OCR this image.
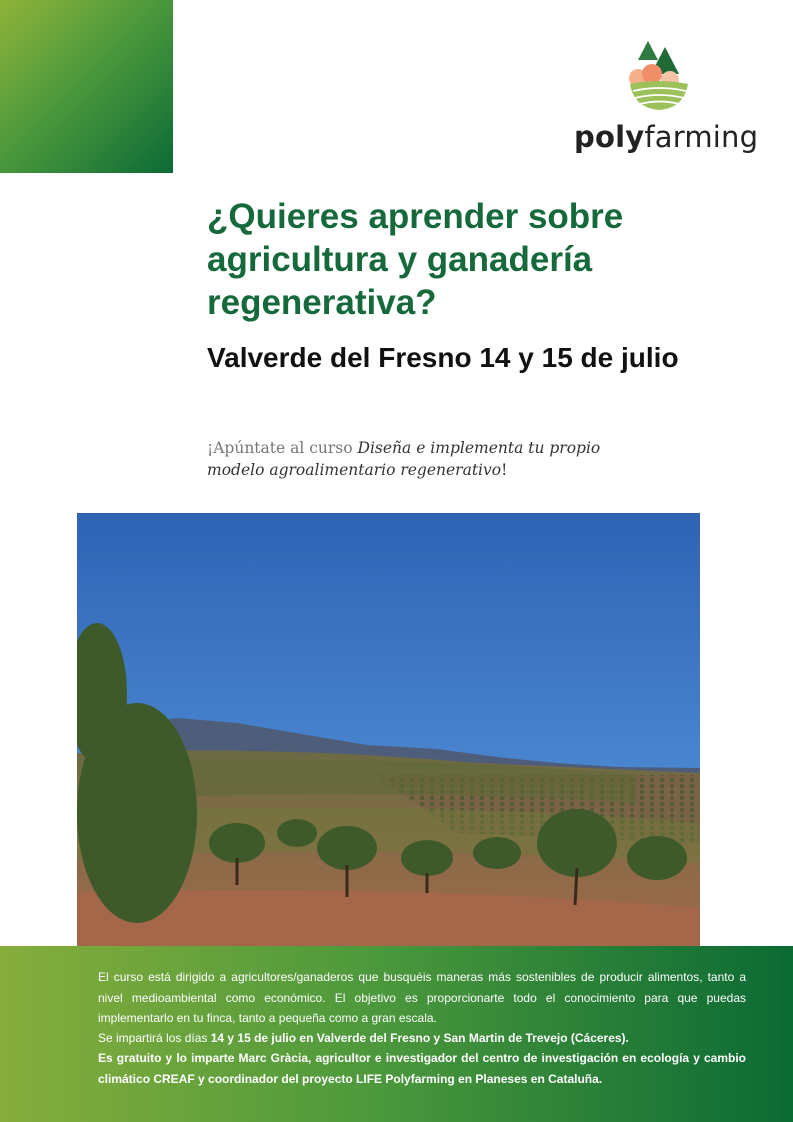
polyfarming
¿Quieres aprender sobre agricultura y ganadería regenerativa?
Valverde del Fresno 14 y 15 de julio

¡Apúntate al curso Diseña e implementa tu propio modelo agroalimentario regenerativo!

El curso está dirigido a agricultores/ganaderos que busquéis maneras más sostenibles de producir alimentos, tanto a nivel medioambiental como económico. El objetivo es proporcionarte todo el conocimiento para que puedas implementarlo en tu finca, tanto a pequeña como a gran escala.

Se impartirá los días 14 y 15 de julio en Valverde del Fresno y San Martin de Trevejo (Cáceres).

Es gratuito y lo imparte Marc Gràcia, agricultor e investigador del centro de investigación en ecología y cambio climático CREAF y coordinador del proyecto LIFE Polyfarming en Planeses en Cataluña.
